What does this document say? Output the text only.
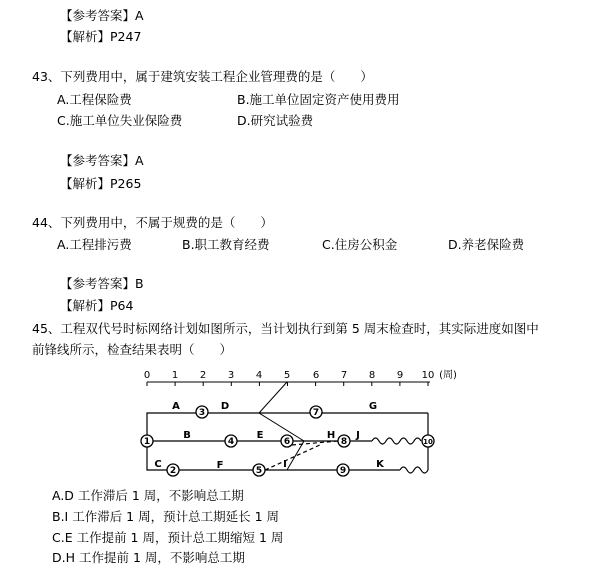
【参考答案】A
【解析】P247
43、下列费用中，属于建筑安装工程企业管理费的是（　　）
A.工程保险费	B.施工单位固定资产使用费用
C.施工单位失业保险费	D.研究试验费
【参考答案】A
【解析】P265
44、下列费用中，不属于规费的是（　　）
A.工程排污费	B.职工教育经费	C.住房公积金	D.养老保险费
【参考答案】B
【解析】P64
45、工程双代号时标网络计划如图所示，当计划执行到第 5 周末检查时，其实际进度如图中
前锋线所示，检查结果表明（　　）
0 1 2 3 4 5 6 7 8 9 10 (周)
1
2
3
4
5
6
7
8
9
10
A
B
C
D
E
F
G
H
I
J
K
A.D 工作滞后 1 周，不影响总工期
B.I 工作滞后 1 周，预计总工期延长 1 周
C.E 工作提前 1 周，预计总工期缩短 1 周
D.H 工作提前 1 周，不影响总工期
